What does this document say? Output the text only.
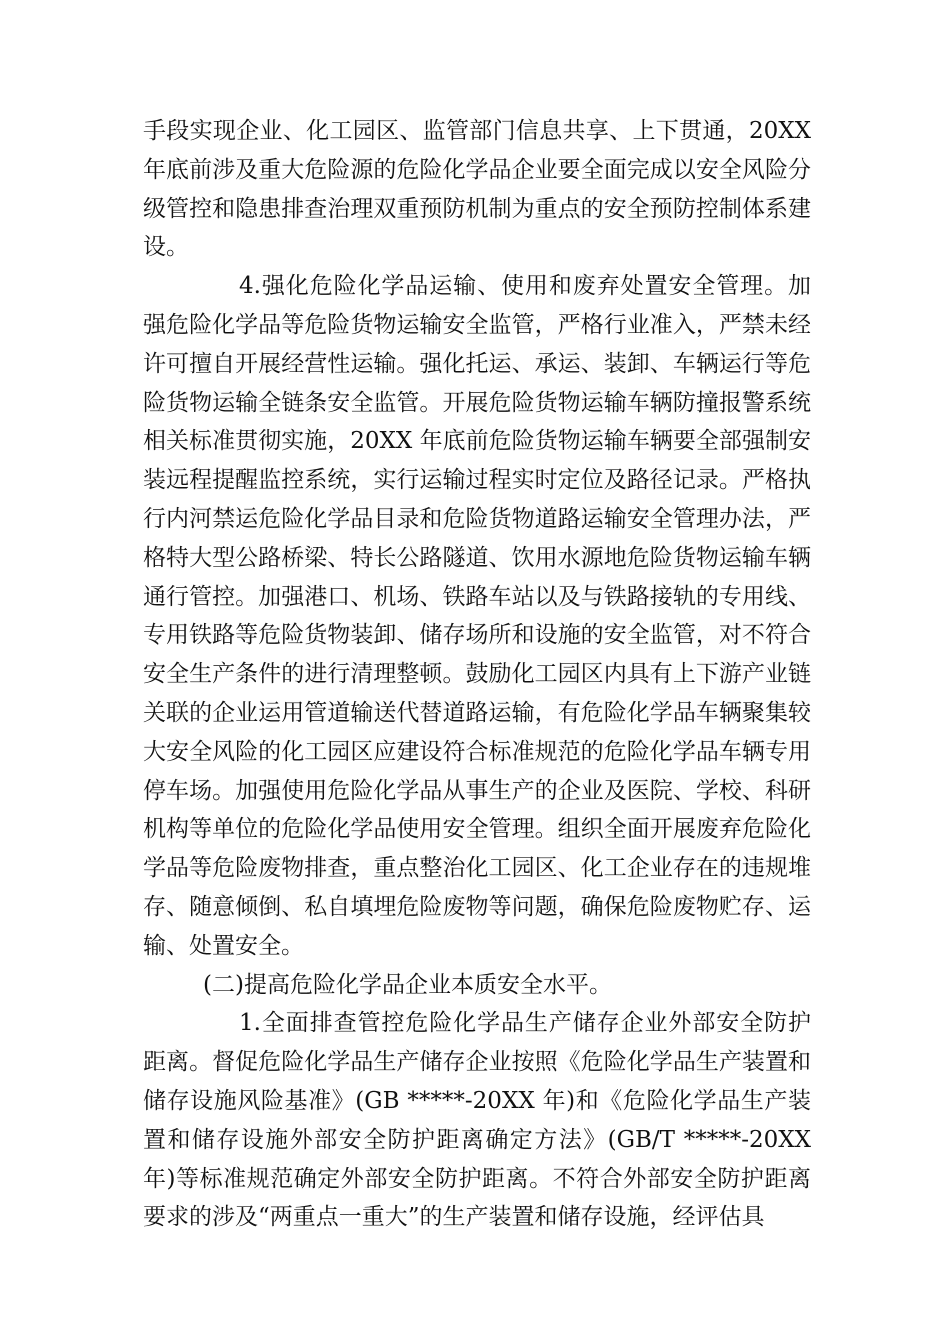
手段实现企业、化工园区、监管部门信息共享、上下贯通，20XX年底前涉及重大危险源的危险化学品企业要全面完成以安全风险分级管控和隐患排查治理双重预防机制为重点的安全预防控制体系建设。

4.强化危险化学品运输、使用和废弃处置安全管理。加强危险化学品等危险货物运输安全监管，严格行业准入，严禁未经许可擅自开展经营性运输。强化托运、承运、装卸、车辆运行等危险货物运输全链条安全监管。开展危险货物运输车辆防撞报警系统相关标准贯彻实施，20XX 年底前危险货物运输车辆要全部强制安装远程提醒监控系统，实行运输过程实时定位及路径记录。严格执行内河禁运危险化学品目录和危险货物道路运输安全管理办法，严格特大型公路桥梁、特长公路隧道、饮用水源地危险货物运输车辆通行管控。加强港口、机场、铁路车站以及与铁路接轨的专用线、专用铁路等危险货物装卸、储存场所和设施的安全监管，对不符合安全生产条件的进行清理整顿。鼓励化工园区内具有上下游产业链关联的企业运用管道输送代替道路运输，有危险化学品车辆聚集较大安全风险的化工园区应建设符合标准规范的危险化学品车辆专用停车场。加强使用危险化学品从事生产的企业及医院、学校、科研机构等单位的危险化学品使用安全管理。组织全面开展废弃危险化学品等危险废物排查，重点整治化工园区、化工企业存在的违规堆存、随意倾倒、私自填埋危险废物等问题，确保危险废物贮存、运输、处置安全。

(二)提高危险化学品企业本质安全水平。

1.全面排查管控危险化学品生产储存企业外部安全防护距离。督促危险化学品生产储存企业按照《危险化学品生产装置和储存设施风险基准》(GB *****-20XX 年)和《危险化学品生产装置和储存设施外部安全防护距离确定方法》(GB/T *****-20XX年)等标准规范确定外部安全防护距离。不符合外部安全防护距离要求的涉及“两重点一重大”的生产装置和储存设施，经评估具
